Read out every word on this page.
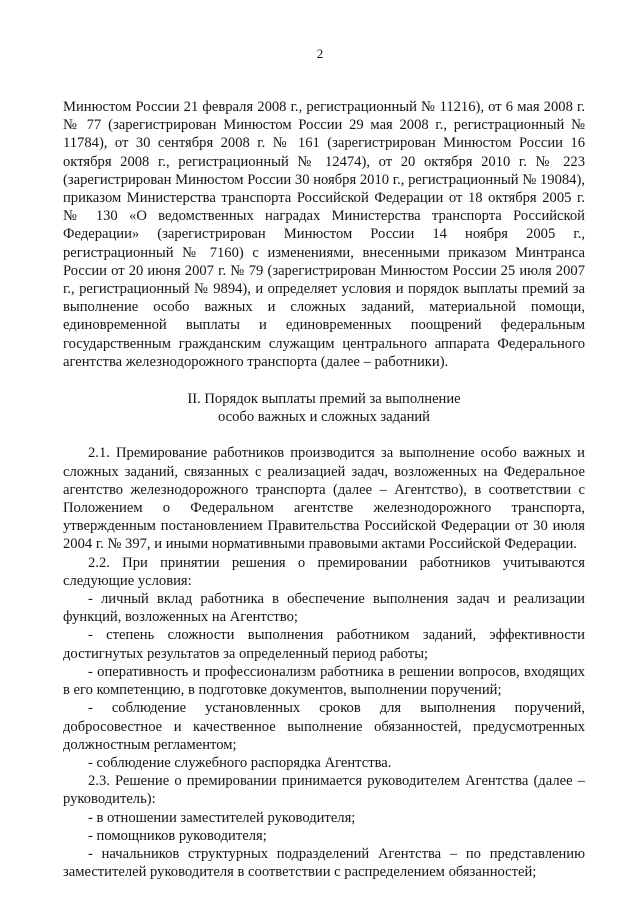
2

Минюстом России 21 февраля 2008 г., регистрационный № 11216), от 6 мая 2008 г. № 77 (зарегистрирован Минюстом России 29 мая 2008 г., регистрационный № 11784), от 30 сентября 2008 г. № 161 (зарегистрирован Минюстом России 16 октября 2008 г., регистрационный № 12474), от 20 октября 2010 г. № 223 (зарегистрирован Минюстом России 30 ноября 2010 г., регистрационный № 19084), приказом Министерства транспорта Российской Федерации от 18 октября 2005 г. № 130 «О ведомственных наградах Министерства транспорта Российской Федерации» (зарегистрирован Минюстом России 14 ноября 2005 г., регистрационный № 7160) с изменениями, внесенными приказом Минтранса России от 20 июня 2007 г. № 79 (зарегистрирован Минюстом России 25 июля 2007 г., регистрационный № 9894), и определяет условия и порядок выплаты премий за выполнение особо важных и сложных заданий, материальной помощи, единовременной выплаты и единовременных поощрений федеральным государственным гражданским служащим центрального аппарата Федерального агентства железнодорожного транспорта (далее – работники).

II. Порядок выплаты премий за выполнение

особо важных и сложных заданий

2.1. Премирование работников производится за выполнение особо важных и сложных заданий, связанных с реализацией задач, возложенных на Федеральное агентство железнодорожного транспорта (далее – Агентство), в соответствии с Положением о Федеральном агентстве железнодорожного транспорта, утвержденным постановлением Правительства Российской Федерации от 30 июля 2004 г. № 397, и иными нормативными правовыми актами Российской Федерации.

2.2. При принятии решения о премировании работников учитываются следующие условия:

- личный вклад работника в обеспечение выполнения задач и реализации функций, возложенных на Агентство;

- степень сложности выполнения работником заданий, эффективности достигнутых результатов за определенный период работы;

- оперативность и профессионализм работника в решении вопросов, входящих в его компетенцию, в подготовке документов, выполнении поручений;

- соблюдение установленных сроков для выполнения поручений, добросовестное и качественное выполнение обязанностей, предусмотренных должностным регламентом;

- соблюдение служебного распорядка Агентства.

2.3. Решение о премировании принимается руководителем Агентства (далее – руководитель):

- в отношении заместителей руководителя;

- помощников руководителя;

- начальников структурных подразделений Агентства – по представлению заместителей руководителя в соответствии с распределением обязанностей;
